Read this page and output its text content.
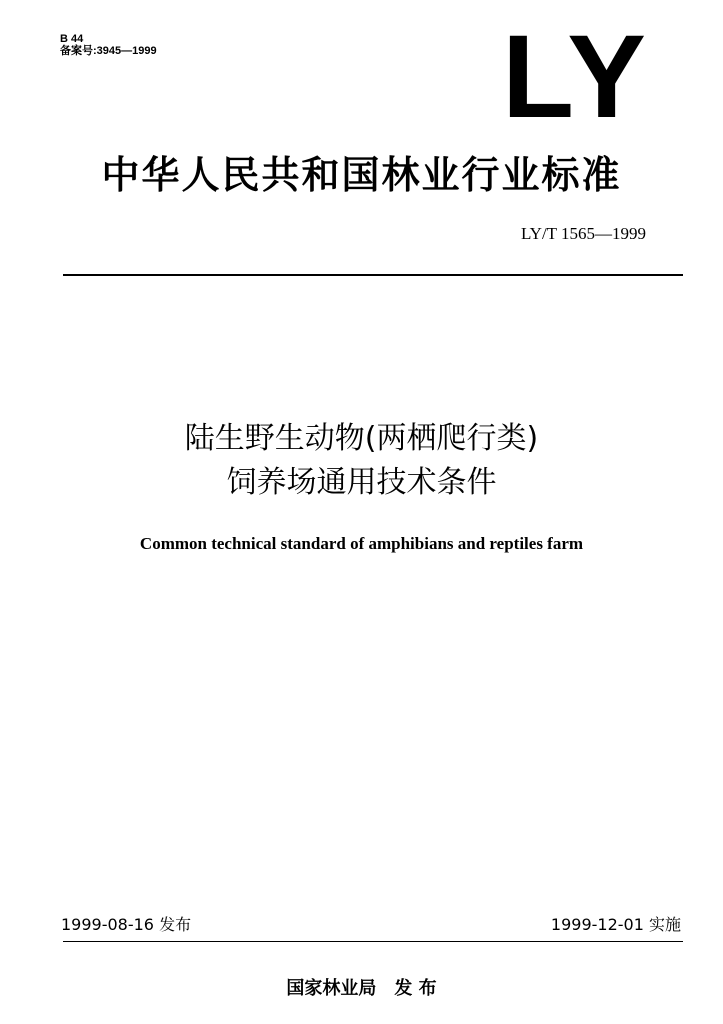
B 44
备案号:3945—1999	LY
中华人民共和国林业行业标准
LY/T 1565—1999
陆生野生动物(两栖爬行类)
饲养场通用技术条件
Common technical standard of amphibians and reptiles farm
1999-08-16 发布	1999-12-01 实施
国家林业局 发 布
